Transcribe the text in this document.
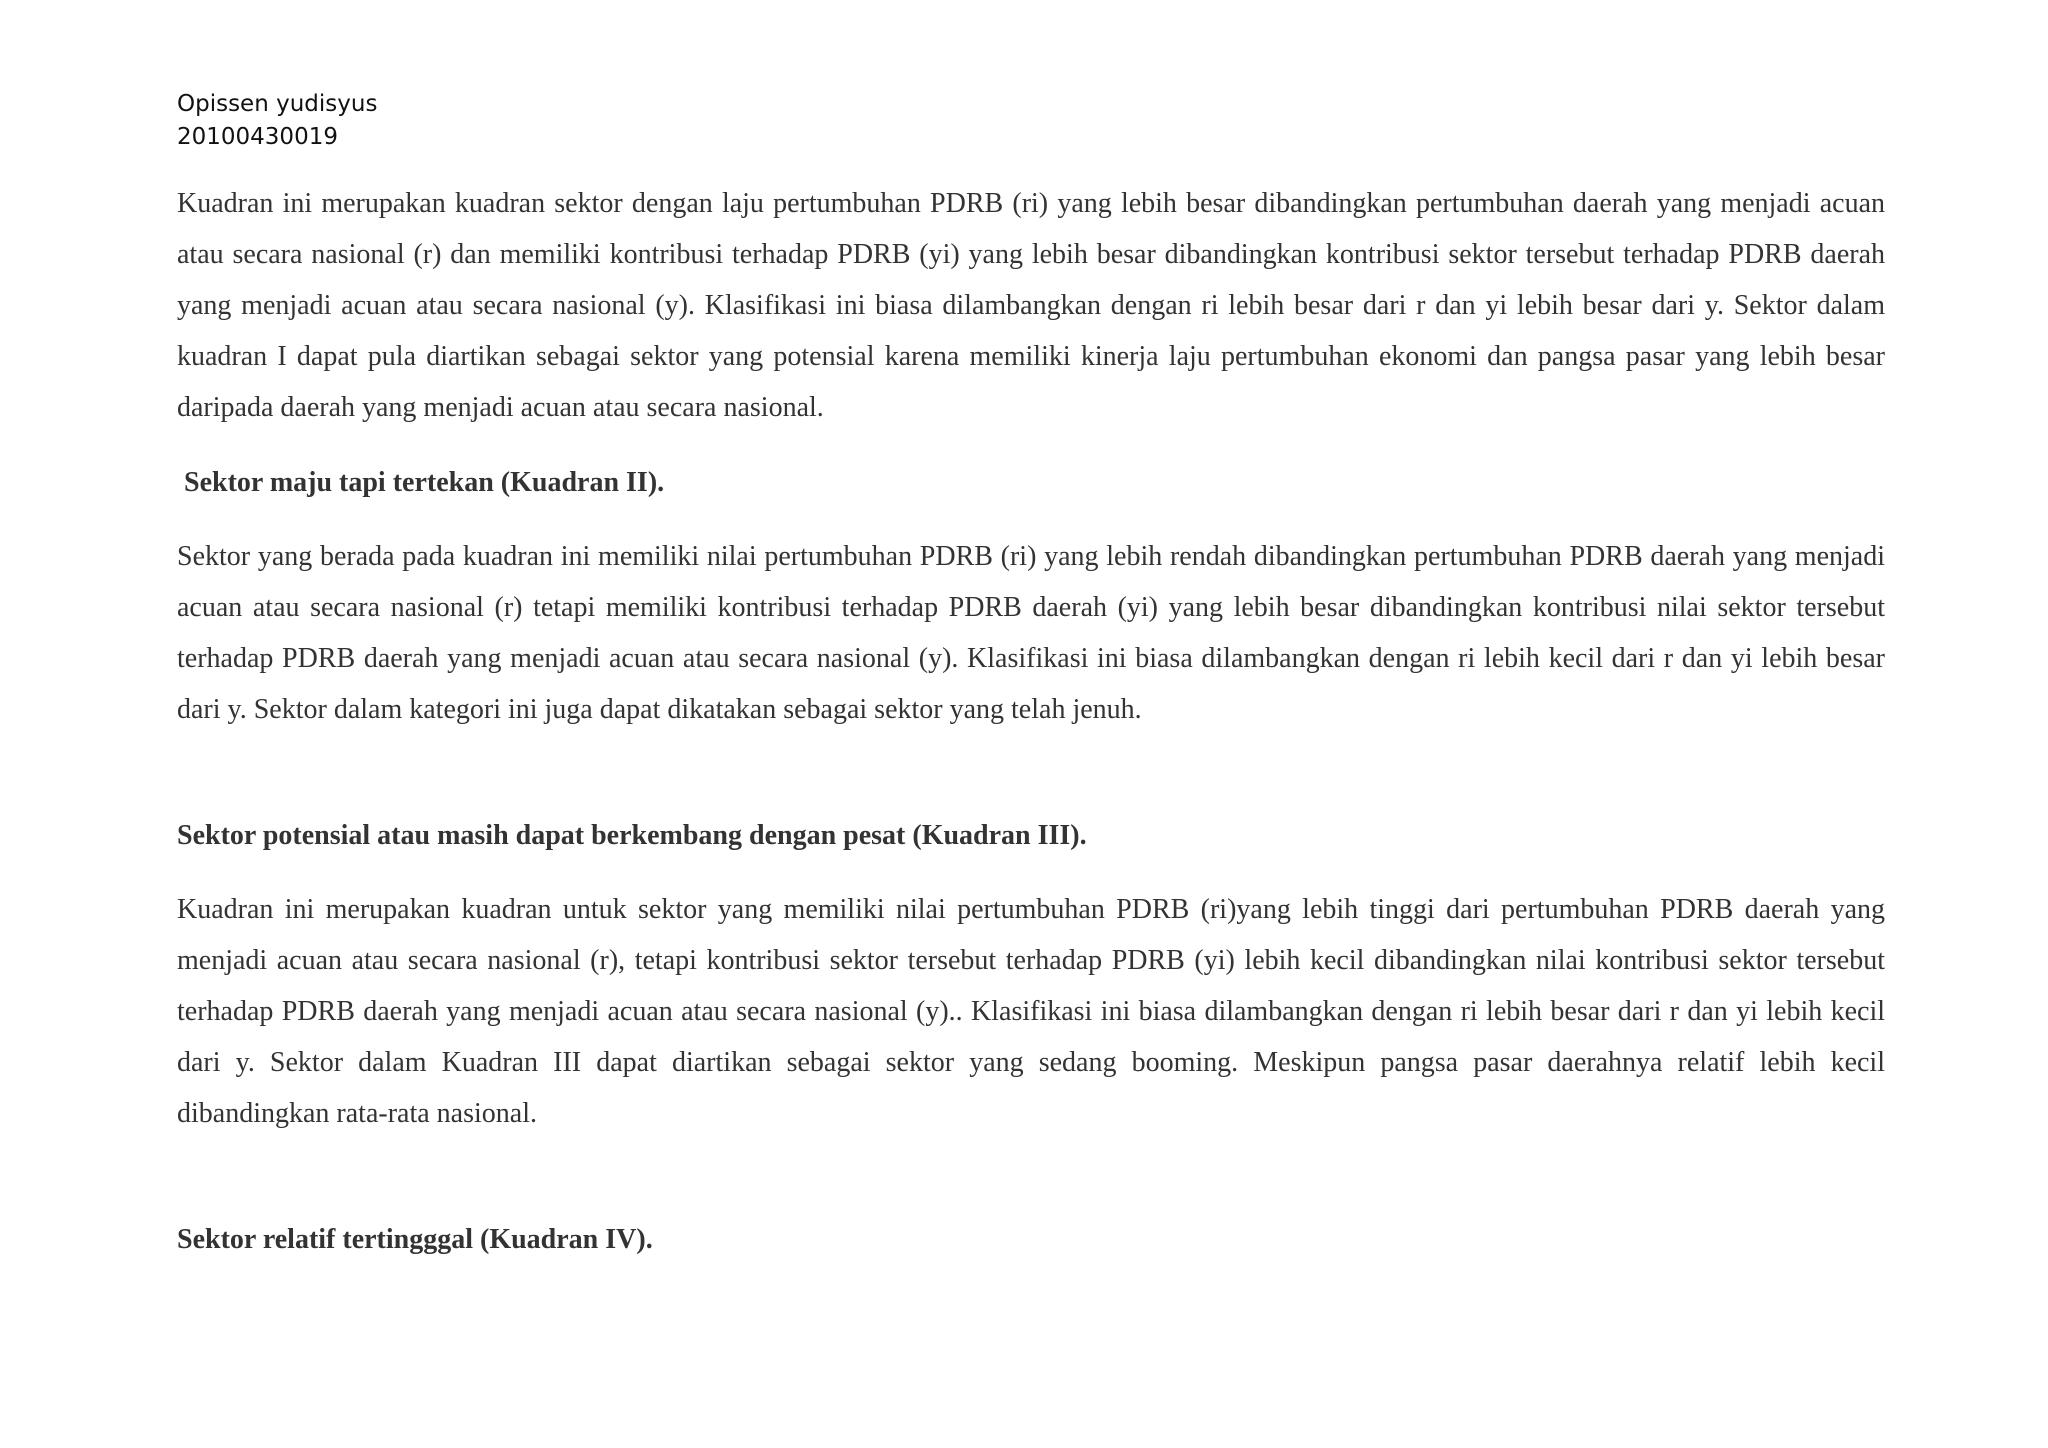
Opissen yudisyus
20100430019

Kuadran ini merupakan kuadran sektor dengan laju pertumbuhan PDRB (ri) yang lebih besar dibandingkan pertumbuhan daerah yang menjadi acuan atau secara nasional (r) dan memiliki kontribusi terhadap PDRB (yi) yang lebih besar dibandingkan kontribusi sektor tersebut terhadap PDRB daerah yang menjadi acuan atau secara nasional (y). Klasifikasi ini biasa dilambangkan dengan ri lebih besar dari r dan yi lebih besar dari y. Sektor dalam kuadran I dapat pula diartikan sebagai sektor yang potensial karena memiliki kinerja laju pertumbuhan ekonomi dan pangsa pasar yang lebih besar daripada daerah yang menjadi acuan atau secara nasional.

Sektor maju tapi tertekan (Kuadran II).

Sektor yang berada pada kuadran ini memiliki nilai pertumbuhan PDRB (ri) yang lebih rendah dibandingkan pertumbuhan PDRB daerah yang menjadi acuan atau secara nasional (r) tetapi memiliki kontribusi terhadap PDRB daerah (yi) yang lebih besar dibandingkan kontribusi nilai sektor tersebut terhadap PDRB daerah yang menjadi acuan atau secara nasional (y). Klasifikasi ini biasa dilambangkan dengan ri lebih kecil dari r dan yi lebih besar dari y. Sektor dalam kategori ini juga dapat dikatakan sebagai sektor yang telah jenuh.

Sektor potensial atau masih dapat berkembang dengan pesat (Kuadran III).

Kuadran ini merupakan kuadran untuk sektor yang memiliki nilai pertumbuhan PDRB (ri)yang lebih tinggi dari pertumbuhan PDRB daerah yang menjadi acuan atau secara nasional (r), tetapi kontribusi sektor tersebut terhadap PDRB (yi) lebih kecil dibandingkan nilai kontribusi sektor tersebut terhadap PDRB daerah yang menjadi acuan atau secara nasional (y).. Klasifikasi ini biasa dilambangkan dengan ri lebih besar dari r dan yi lebih kecil dari y. Sektor dalam Kuadran III dapat diartikan sebagai sektor yang sedang booming. Meskipun pangsa pasar daerahnya relatif lebih kecil dibandingkan rata-rata nasional.

Sektor relatif tertingggal (Kuadran IV).
